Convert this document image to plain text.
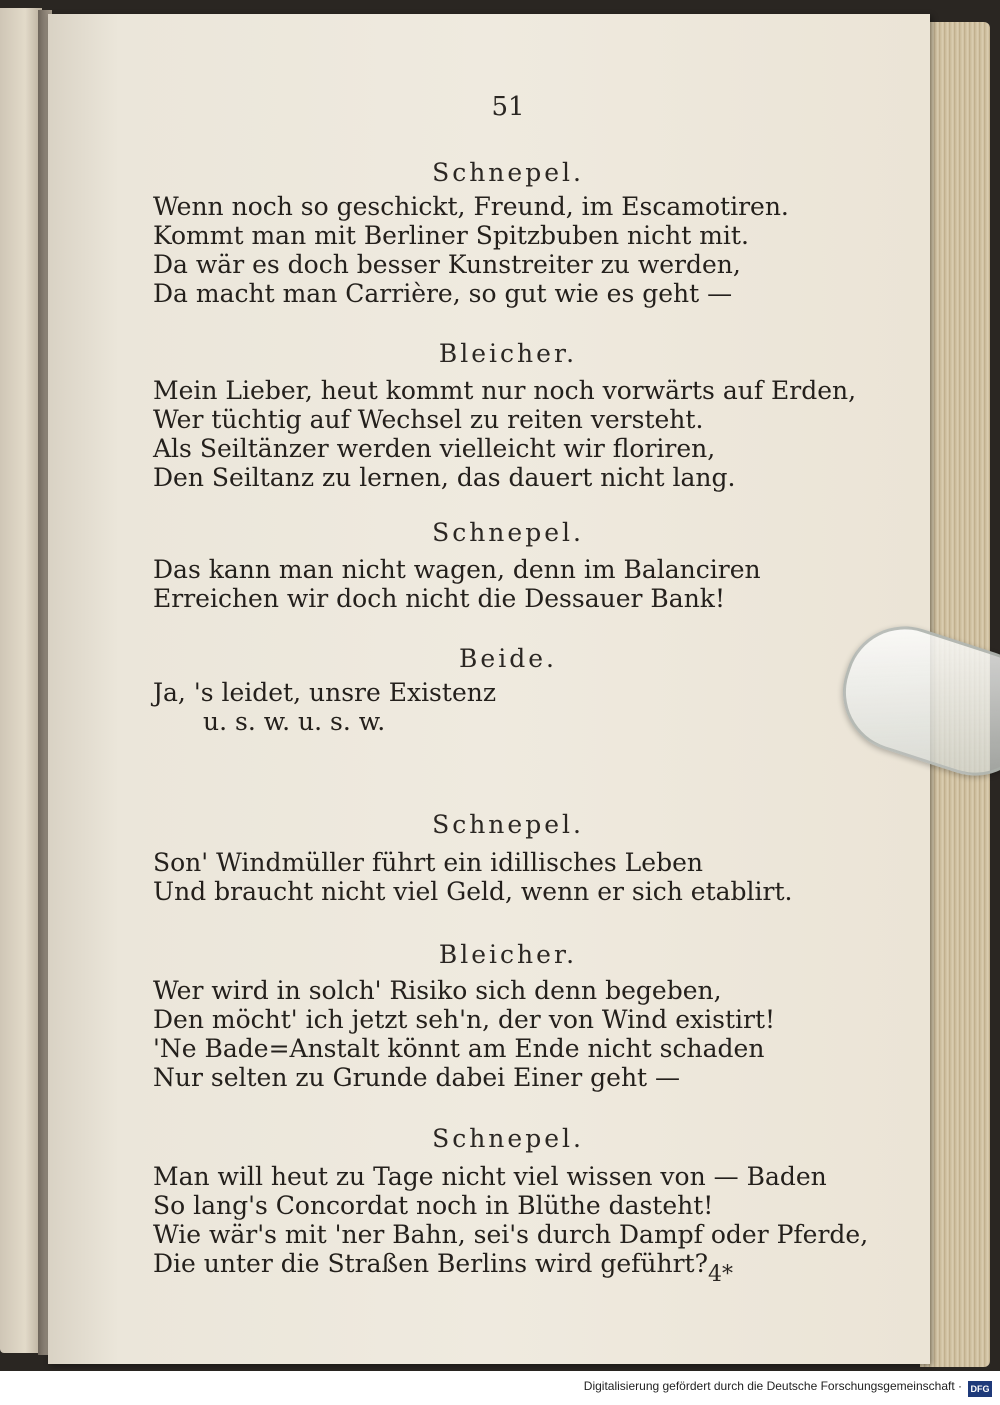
51
Schnepel.
Wenn noch so geschickt, Freund, im Escamotiren.
Kommt man mit Berliner Spitzbuben nicht mit.
Da wär es doch besser Kunstreiter zu werden,
Da macht man Carrière, so gut wie es geht —
Bleicher.
Mein Lieber, heut kommt nur noch vorwärts auf Erden,
Wer tüchtig auf Wechsel zu reiten versteht.
Als Seiltänzer werden vielleicht wir floriren,
Den Seiltanz zu lernen, das dauert nicht lang.
Schnepel.
Das kann man nicht wagen, denn im Balanciren
Erreichen wir doch nicht die Dessauer Bank!
Beide.
Ja, 's leidet, unsre Existenz
u. s. w. u. s. w.
Schnepel.
Son' Windmüller führt ein idillisches Leben
Und braucht nicht viel Geld, wenn er sich etablirt.
Bleicher.
Wer wird in solch' Risiko sich denn begeben,
Den möcht' ich jetzt seh'n, der von Wind existirt!
'Ne Bade=Anstalt könnt am Ende nicht schaden
Nur selten zu Grunde dabei Einer geht —
Schnepel.
Man will heut zu Tage nicht viel wissen von — Baden
So lang's Concordat noch in Blüthe dasteht!
Wie wär's mit 'ner Bahn, sei's durch Dampf oder Pferde,
Die unter die Straßen Berlins wird geführt? 4*
Digitalisierung gefördert durch die Deutsche Forschungsgemeinschaft · DFG
